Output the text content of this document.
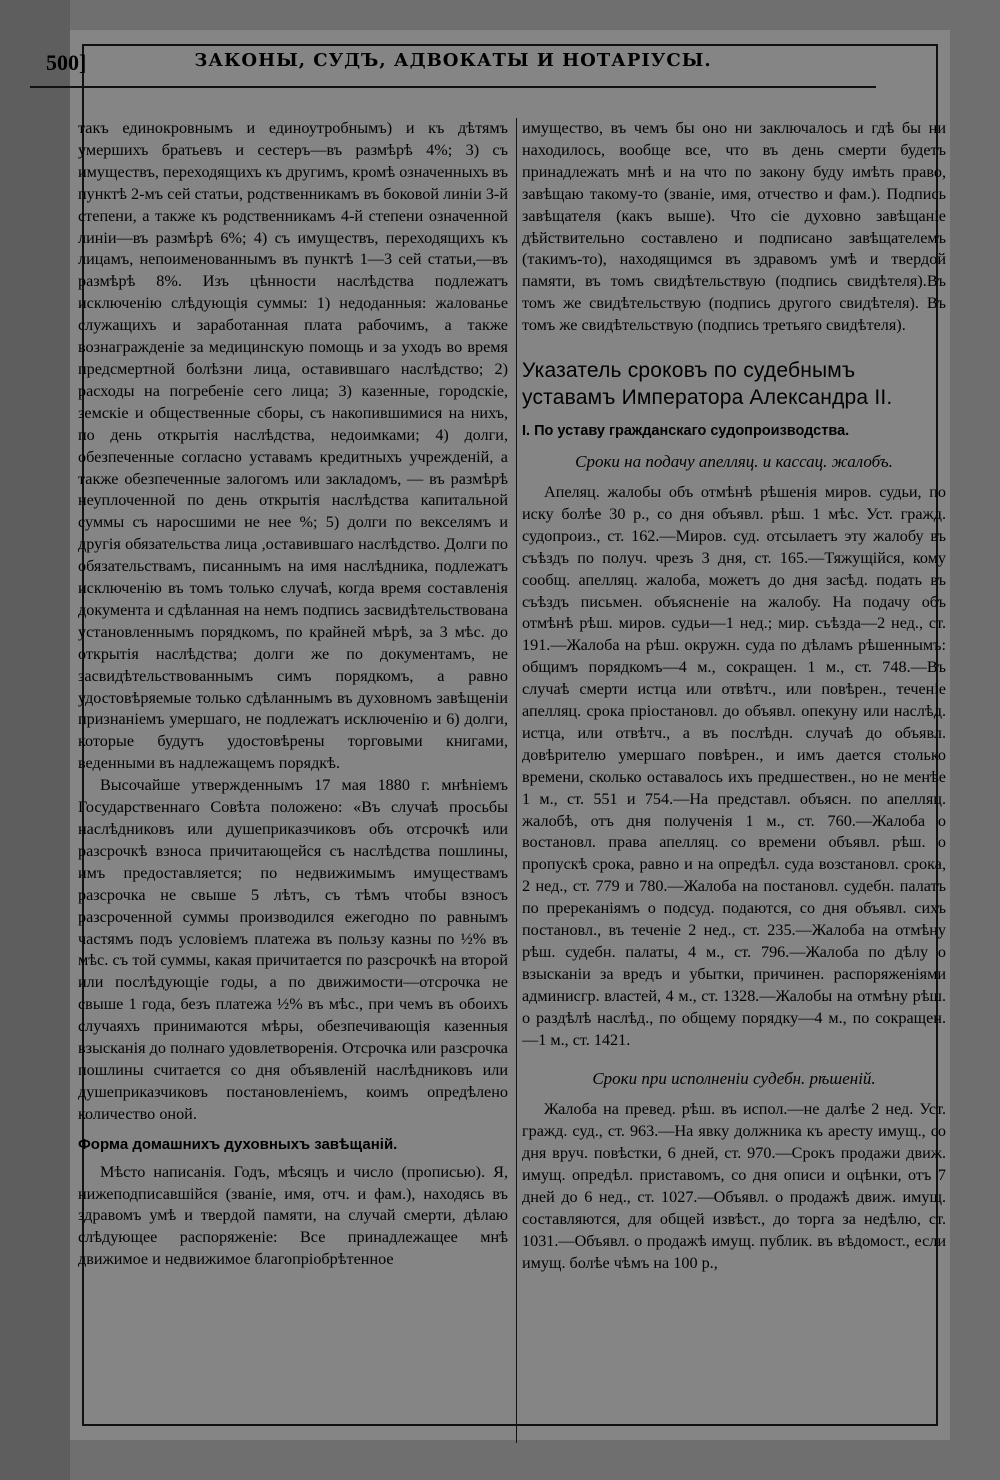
500]	ЗАКОНЫ, СУДЪ, АДВОКАТЫ И НОТАРІУСЫ.

такъ единокровнымъ и единоутробнымъ) и къ дѣтямъ умершихъ братьевъ и сестеръ—въ размѣрѣ 4%; 3) съ имуществъ, переходящихъ къ другимъ, кромѣ означенныхъ въ пунктѣ 2-мъ сей статьи, родственникамъ въ боковой линіи 3-й степени, а также къ родственникамъ 4-й степени означенной линіи—въ размѣрѣ 6%; 4) съ имуществъ, переходящихъ къ лицамъ, непоименованнымъ въ пунктѣ 1—3 сей статьи,—въ размѣрѣ 8%. Изъ цѣнности наслѣдства подлежатъ исключенію слѣдующія суммы: 1) недоданныя: жалованье служащихъ и заработанная плата рабочимъ, а также вознагражденіе за медицинскую помощь и за уходъ во время предсмертной болѣзни лица, оставившаго наслѣдство; 2) расходы на погребеніе сего лица; 3) казенные, городскіе, земскіе и общественные сборы, съ накопившимися на нихъ, по день открытія наслѣдства, недоимками; 4) долги, обезпеченные согласно уставамъ кредитныхъ учрежденій, а также обезпеченные залогомъ или закладомъ, — въ размѣрѣ неуплоченной по день открытія наслѣдства капитальной суммы съ наросшими не нее %; 5) долги по векселямъ и другія обязательства лица ,оставившаго наслѣдство. Долги по обязательствамъ, писаннымъ на имя наслѣдника, подлежатъ исключенію въ томъ только случаѣ, когда время составленія документа и сдѣланная на немъ подпись засвидѣтельствована установленнымъ порядкомъ, по крайней мѣрѣ, за 3 мѣс. до открытія наслѣдства; долги же по документамъ, не засвидѣтельствованнымъ симъ порядкомъ, а равно удостовѣряемые только сдѣланнымъ въ духовномъ завѣщеніи признаніемъ умершаго, не подлежатъ исключенію и 6) долги, которые будутъ удостовѣрены торговыми книгами, веденными въ надлежащемъ порядкѣ.

Высочайше утвержденнымъ 17 мая 1880 г. мнѣніемъ Государственнаго Совѣта положено: «Въ случаѣ просьбы наслѣдниковъ или душеприказчиковъ объ отсрочкѣ или разсрочкѣ взноса причитающейся съ наслѣдства пошлины, имъ предоставляется; по недвижимымъ имуществамъ разсрочка не свыше 5 лѣтъ, съ тѣмъ чтобы взносъ разсроченной суммы производился ежегодно по равнымъ частямъ подъ условіемъ платежа въ пользу казны по ½% въ мѣс. съ той суммы, какая причитается по разсрочкѣ на второй или послѣдующіе годы, а по движимости—отсрочка не свыше 1 года, безъ платежа ½% въ мѣс., при чемъ въ обоихъ случаяхъ принимаются мѣры, обезпечивающія казенныя взысканія до полнаго удовлетворенія. Отсрочка или разсрочка пошлины считается со дня объявленій наслѣдниковъ или душеприказчиковъ постановленіемъ, коимъ опредѣлено количество оной.

Форма домашнихъ духовныхъ завѣщаній.

Мѣсто написанія. Годъ, мѣсяцъ и число (прописью). Я, нижеподписавшійся (званіе, имя, отч. и фам.), находясь въ здравомъ умѣ и твердой памяти, на случай смерти, дѣлаю слѣдующее распоряженіе: Все принадлежащее мнѣ движимое и недвижимое благопріобрѣтенное

имущество, въ чемъ бы оно ни заключалось и гдѣ бы ни находилось, вообще все, что въ день смерти будетъ принадлежать мнѣ и на что по закону буду имѣть право, завѣщаю такому-то (званіе, имя, отчество и фам.). Подпись завѣщателя (какъ выше). Что сіе духовно завѣщаніе дѣйствительно составлено и подписано завѣщателемъ (такимъ-то), находящимся въ здравомъ умѣ и твердой памяти, въ томъ свидѣтельствую (подпись свидѣтеля).Въ томъ же свидѣтельствую (подпись другого свидѣтеля). Въ томъ же свидѣтельствую (подпись третьяго свидѣтеля).

Указатель сроковъ по судебнымъ уставамъ Императора Александра II.
I. По уставу гражданскаго судопроизводства.
Сроки на подачу апелляц. и кассац. жалобъ.

Апеляц. жалобы объ отмѣнѣ рѣшенія миров. судьи, по иску болѣе 30 р., со дня объявл. рѣш. 1 мѣс. Уст. гражд. судопроиз., ст. 162.—Миров. суд. отсылаетъ эту жалобу въ съѣздъ по получ. чрезъ 3 дня, ст. 165.—Тяжущійся, кому сообщ. апелляц. жалоба, можетъ до дня засѣд. подать въ съѣздъ письмен. объясненіе на жалобу. На подачу объ отмѣнѣ рѣш. миров. судьи—1 нед.; мир. съѣзда—2 нед., ст. 191.—Жалоба на рѣш. окружн. суда по дѣламъ рѣшеннымъ: общимъ порядкомъ—4 м., сокращен. 1 м., ст. 748.—Въ случаѣ смерти истца или отвѣтч., или повѣрен., теченіе апелляц. срока пріостановл. до объявл. опекуну или наслѣд. истца, или отвѣтч., а въ послѣдн. случаѣ до объявл. довѣрителю умершаго повѣрен., и имъ дается столько времени, сколько оставалось ихъ предшествен., но не менѣе 1 м., ст. 551 и 754.—На представл. объясн. по апелляц. жалобѣ, отъ дня полученія 1 м., ст. 760.—Жалоба о востановл. права апелляц. со времени объявл. рѣш. о пропускѣ срока, равно и на опредѣл. суда возстановл. срока, 2 нед., ст. 779 и 780.—Жалоба на постановл. судебн. палатъ по пререканіямъ о подсуд. подаются, со дня объявл. сихъ постановл., въ теченіе 2 нед., ст. 235.—Жалоба на отмѣну рѣш. судебн. палаты, 4 м., ст. 796.—Жалоба по дѣлу о взысканіи за вредъ и убытки, причинен. распоряженіями админисгр. властей, 4 м., ст. 1328.—Жалобы на отмѣну рѣш. о раздѣлѣ наслѣд., по общему порядку—4 м., по сокращен.—1 м., ст. 1421.

Сроки при исполненіи судебн. рѣшеній.

Жалоба на превед. рѣш. въ испол.—не далѣе 2 нед. Уст. гражд. суд., ст. 963.—На явку должника къ аресту имущ., со дня вруч. повѣстки, 6 дней, ст. 970.—Срокъ продажи движ. имущ. опредѣл. приставомъ, со дня описи и оцѣнки, отъ 7 дней до 6 нед., ст. 1027.—Объявл. о продажѣ движ. имущ. составляются, для общей извѣст., до торга за недѣлю, ст. 1031.—Объявл. о продажѣ имущ. публик. въ вѣдомост., если имущ. болѣе чѣмъ на 100 р.,
